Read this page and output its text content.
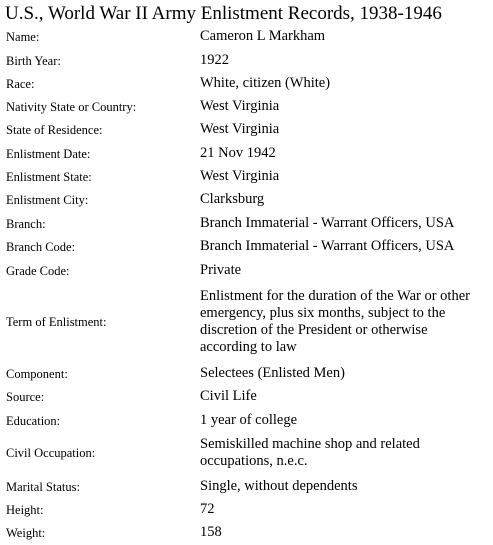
U.S., World War II Army Enlistment Records, 1938-1946
Name:	Cameron L Markham
Birth Year:	1922
Race:	White, citizen (White)
Nativity State or Country:	West Virginia
State of Residence:	West Virginia
Enlistment Date:	21 Nov 1942
Enlistment State:	West Virginia
Enlistment City:	Clarksburg
Branch:	Branch Immaterial - Warrant Officers, USA
Branch Code:	Branch Immaterial - Warrant Officers, USA
Grade Code:	Private
Term of Enlistment:
Enlistment for the duration of the War or other emergency, plus six months, subject to the discretion of the President or otherwise according to law
Component:	Selectees (Enlisted Men)
Source:	Civil Life
Education:	1 year of college
Civil Occupation:
Semiskilled machine shop and related occupations, n.e.c.
Marital Status:	Single, without dependents
Height:	72
Weight:	158
